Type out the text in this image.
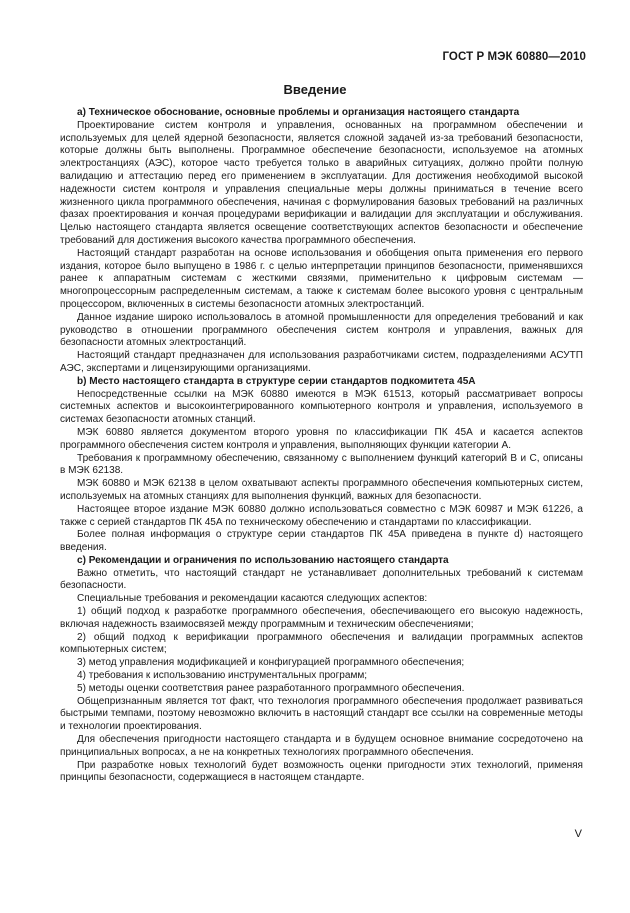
ГОСТ Р МЭК 60880—2010
Введение

а) Техническое обоснование, основные проблемы и организация настоящего стандарта

Проектирование систем контроля и управления, основанных на программном обеспечении и используемых для целей ядерной безопасности, является сложной задачей из-за требований безопасности, которые должны быть выполнены. Программное обеспечение безопасности, используемое на атомных электростанциях (АЭС), которое часто требуется только в аварийных ситуациях, должно пройти полную валидацию и аттестацию перед его применением в эксплуатации. Для достижения необходимой высокой надежности систем контроля и управления специальные меры должны приниматься в течение всего жизненного цикла программного обеспечения, начиная с формулирования базовых требований на различных фазах проектирования и кончая процедурами верификации и валидации для эксплуатации и обслуживания. Целью настоящего стандарта является освещение соответствующих аспектов безопасности и обеспечение требований для достижения высокого качества программного обеспечения.

Настоящий стандарт разработан на основе использования и обобщения опыта применения его первого издания, которое было выпущено в 1986 г. с целью интерпретации принципов безопасности, применявшихся ранее к аппаратным системам с жесткими связями, применительно к цифровым системам — многопроцессорным распределенным системам, а также к системам более высокого уровня с центральным процессором, включенных в системы безопасности атомных электростанций.

Данное издание широко использовалось в атомной промышленности для определения требований и как руководство в отношении программного обеспечения систем контроля и управления, важных для безопасности атомных электростанций.

Настоящий стандарт предназначен для использования разработчиками систем, подразделениями АСУТП АЭС, экспертами и лицензирующими организациями.

b) Место настоящего стандарта в структуре серии стандартов подкомитета 45А

Непосредственные ссылки на МЭК 60880 имеются в МЭК 61513, который рассматривает вопросы системных аспектов и высокоинтегрированного компьютерного контроля и управления, используемого в системах безопасности атомных станций.

МЭК 60880 является документом второго уровня по классификации ПК 45А и касается аспектов программного обеспечения систем контроля и управления, выполняющих функции категории А.

Требования к программному обеспечению, связанному с выполнением функций категорий В и С, описаны в МЭК 62138.

МЭК 60880 и МЭК 62138 в целом охватывают аспекты программного обеспечения компьютерных систем, используемых на атомных станциях для выполнения функций, важных для безопасности.

Настоящее второе издание МЭК 60880 должно использоваться совместно с МЭК 60987 и МЭК 61226, а также с серией стандартов ПК 45А по техническому обеспечению и стандартами по классификации.

Более полная информация о структуре серии стандартов ПК 45А приведена в пункте d) настоящего введения.

c) Рекомендации и ограничения по использованию настоящего стандарта

Важно отметить, что настоящий стандарт не устанавливает дополнительных требований к системам безопасности.

Специальные требования и рекомендации касаются следующих аспектов:

1) общий подход к разработке программного обеспечения, обеспечивающего его высокую надежность, включая надежность взаимосвязей между программным и техническим обеспечениями;

2) общий подход к верификации программного обеспечения и валидации программных аспектов компьютерных систем;

3) метод управления модификацией и конфигурацией программного обеспечения;

4) требования к использованию инструментальных программ;

5) методы оценки соответствия ранее разработанного программного обеспечения.

Общепризнанным является тот факт, что технология программного обеспечения продолжает развиваться быстрыми темпами, поэтому невозможно включить в настоящий стандарт все ссылки на современные методы и технологии проектирования.

Для обеспечения пригодности настоящего стандарта и в будущем основное внимание сосредоточено на принципиальных вопросах, а не на конкретных технологиях программного обеспечения.

При разработке новых технологий будет возможность оценки пригодности этих технологий, применяя принципы безопасности, содержащиеся в настоящем стандарте.

V
